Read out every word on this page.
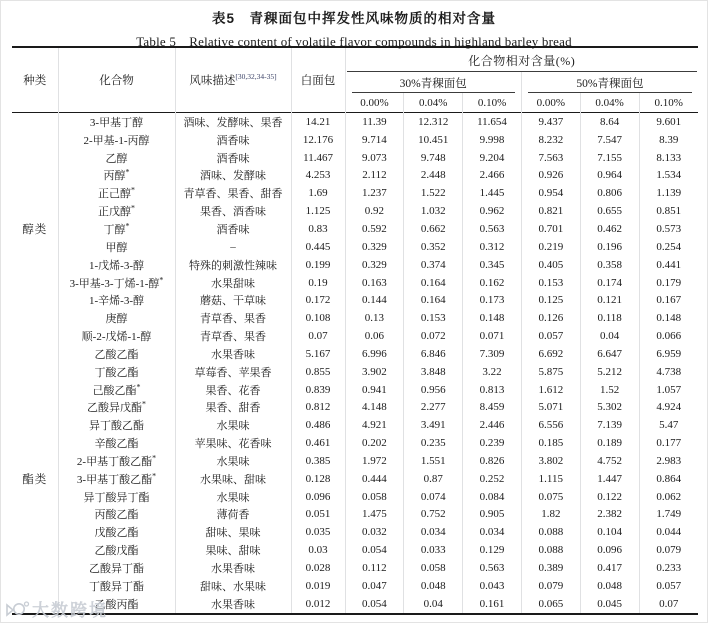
表5　青稞面包中挥发性风味物质的相对含量
Table 5　Relative content of volatile flavor compounds in highland barley bread
种类	化合物	风味描述[30,32,34-35]	白面包	化合物相对含量(%)					
				30%青稞面包			50%青稞面包		
				0.00%	0.04%	0.10%	0.00%	0.04%	0.10%
醇类	3-甲基丁醇	酒味、发酵味、果香	14.21	11.39	12.312	11.654	9.437	8.64	9.601
	2-甲基-1-丙醇	酒香味	12.176	9.714	10.451	9.998	8.232	7.547	8.39
	乙醇	酒香味	11.467	9.073	9.748	9.204	7.563	7.155	8.133
	丙醇*	酒味、发酵味	4.253	2.112	2.448	2.466	0.926	0.964	1.534
	正己醇*	青草香、果香、甜香	1.69	1.237	1.522	1.445	0.954	0.806	1.139
	正戊醇*	果香、酒香味	1.125	0.92	1.032	0.962	0.821	0.655	0.851
	丁醇*	酒香味	0.83	0.592	0.662	0.563	0.701	0.462	0.573
	甲醇	–	0.445	0.329	0.352	0.312	0.219	0.196	0.254
	1-戊烯-3-醇	特殊的刺激性辣味	0.199	0.329	0.374	0.345	0.405	0.358	0.441
	3-甲基-3-丁烯-1-醇*	水果甜味	0.19	0.163	0.164	0.162	0.153	0.174	0.179
	1-辛烯-3-醇	蘑菇、干草味	0.172	0.144	0.164	0.173	0.125	0.121	0.167
	庚醇	青草香、果香	0.108	0.13	0.153	0.148	0.126	0.118	0.148
	顺-2-戊烯-1-醇	青草香、果香	0.07	0.06	0.072	0.071	0.057	0.04	0.066
酯类	乙酸乙酯	水果香味	5.167	6.996	6.846	7.309	6.692	6.647	6.959
	丁酸乙酯	草莓香、苹果香	0.855	3.902	3.848	3.22	5.875	5.212	4.738
	己酸乙酯*	果香、花香	0.839	0.941	0.956	0.813	1.612	1.52	1.057
	乙酸异戊酯*	果香、甜香	0.812	4.148	2.277	8.459	5.071	5.302	4.924
	异丁酸乙酯	水果味	0.486	4.921	3.491	2.446	6.556	7.139	5.47
	辛酸乙酯	苹果味、花香味	0.461	0.202	0.235	0.239	0.185	0.189	0.177
	2-甲基丁酸乙酯*	水果味	0.385	1.972	1.551	0.826	3.802	4.752	2.983
	3-甲基丁酸乙酯*	水果味、甜味	0.128	0.444	0.87	0.252	1.115	1.447	0.864
	异丁酸异丁酯	水果味	0.096	0.058	0.074	0.084	0.075	0.122	0.062
	丙酸乙酯	薄荷香	0.051	1.475	0.752	0.905	1.82	2.382	1.749
	戊酸乙酯	甜味、果味	0.035	0.032	0.034	0.034	0.088	0.104	0.044
	乙酸戊酯	果味、甜味	0.03	0.054	0.033	0.129	0.088	0.096	0.079
	乙酸异丁酯	水果香味	0.028	0.112	0.058	0.563	0.389	0.417	0.233
	丁酸异丁酯	甜味、水果味	0.019	0.047	0.048	0.043	0.079	0.048	0.057
	乙酸丙酯	水果香味	0.012	0.054	0.04	0.161	0.065	0.045	0.07
大数跨境
